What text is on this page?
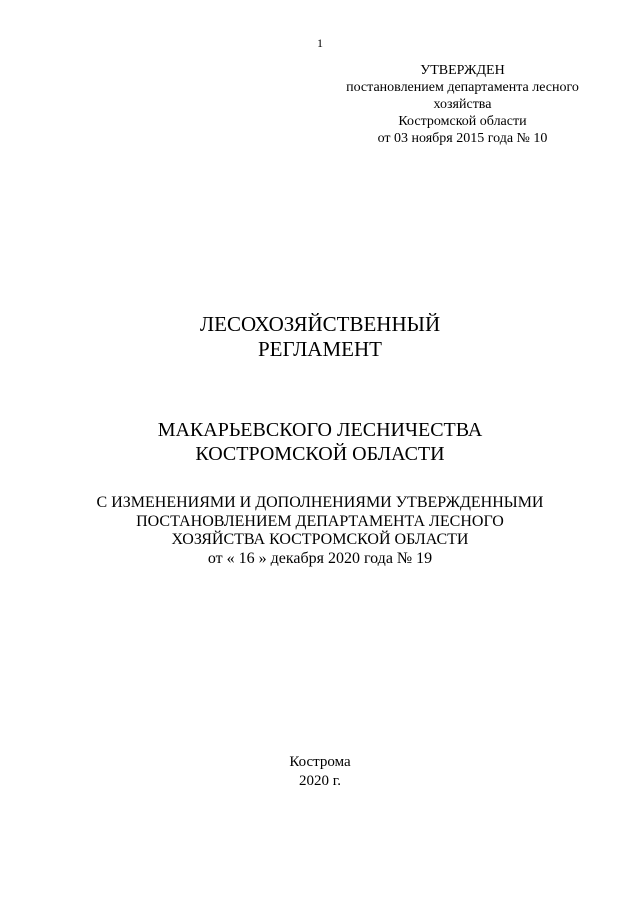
1
УТВЕРЖДЕН
постановлением департамента лесного
хозяйства
Костромской области
от 03 ноября 2015 года № 10
ЛЕСОХОЗЯЙСТВЕННЫЙ
РЕГЛАМЕНТ
МАКАРЬЕВСКОГО ЛЕСНИЧЕСТВА
КОСТРОМСКОЙ ОБЛАСТИ
С ИЗМЕНЕНИЯМИ И ДОПОЛНЕНИЯМИ УТВЕРЖДЕННЫМИ
ПОСТАНОВЛЕНИЕМ ДЕПАРТАМЕНТА ЛЕСНОГО
ХОЗЯЙСТВА КОСТРОМСКОЙ ОБЛАСТИ
от « 16 » декабря 2020 года № 19
Кострома
2020 г.
